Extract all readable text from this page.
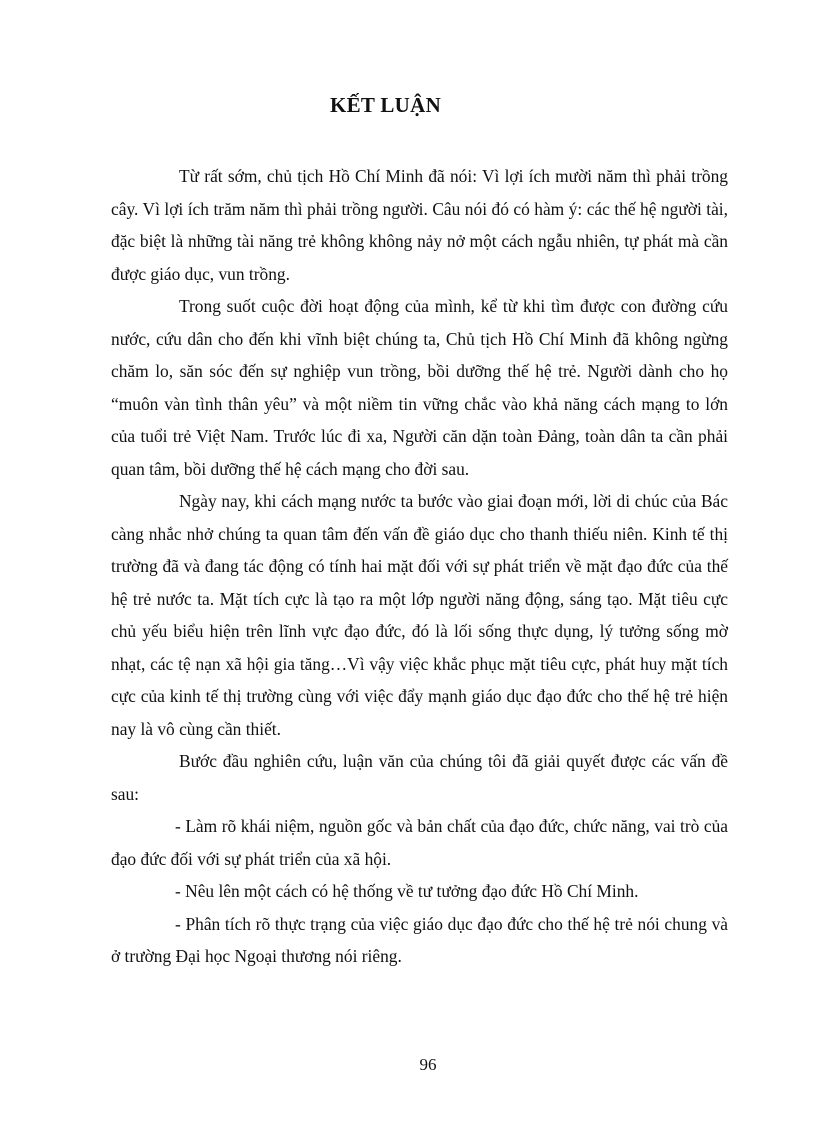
KẾT LUẬN

Từ rất sớm, chủ tịch Hồ Chí Minh đã nói: Vì lợi ích mười năm thì phải trồng cây. Vì lợi ích trăm năm thì phải trồng người. Câu nói đó có hàm ý: các thế hệ người tài, đặc biệt là những tài năng trẻ không không nảy nở một cách ngẫu nhiên, tự phát mà cần được giáo dục, vun trồng.

Trong suốt cuộc đời hoạt động của mình, kể từ khi tìm được con đường cứu nước, cứu dân cho đến khi vĩnh biệt chúng ta, Chủ tịch Hồ Chí Minh đã không ngừng chăm lo, săn sóc đến sự nghiệp vun trồng, bồi dưỡng thế hệ trẻ. Người dành cho họ “muôn vàn tình thân yêu” và một niềm tin vững chắc vào khả năng cách mạng to lớn của tuổi trẻ Việt Nam. Trước lúc đi xa, Người căn dặn toàn Đảng, toàn dân ta cần phải quan tâm, bồi dưỡng thế hệ cách mạng cho đời sau.

Ngày nay, khi cách mạng nước ta bước vào giai đoạn mới, lời di chúc của Bác càng nhắc nhở chúng ta quan tâm đến vấn đề giáo dục cho thanh thiếu niên. Kinh tế thị trường đã và đang tác động có tính hai mặt đối với sự phát triển về mặt đạo đức của thế hệ trẻ nước ta. Mặt tích cực là tạo ra một lớp người năng động, sáng tạo. Mặt tiêu cực chủ yếu biểu hiện trên lĩnh vực đạo đức, đó là lối sống thực dụng, lý tưởng sống mờ nhạt, các tệ nạn xã hội gia tăng…Vì vậy việc khắc phục mặt tiêu cực, phát huy mặt tích cực của kinh tế thị trường cùng với việc đẩy mạnh giáo dục đạo đức cho thế hệ trẻ hiện nay là vô cùng cần thiết.

Bước đầu nghiên cứu, luận văn của chúng tôi đã giải quyết được các vấn đề sau:

- Làm rõ khái niệm, nguồn gốc và bản chất của đạo đức, chức năng, vai trò của đạo đức đối với sự phát triển của xã hội.

- Nêu lên một cách có hệ thống về tư tưởng đạo đức Hồ Chí Minh.

- Phân tích rõ thực trạng của việc giáo dục đạo đức cho thế hệ trẻ nói chung và ở trường Đại học Ngoại thương nói riêng.

96
